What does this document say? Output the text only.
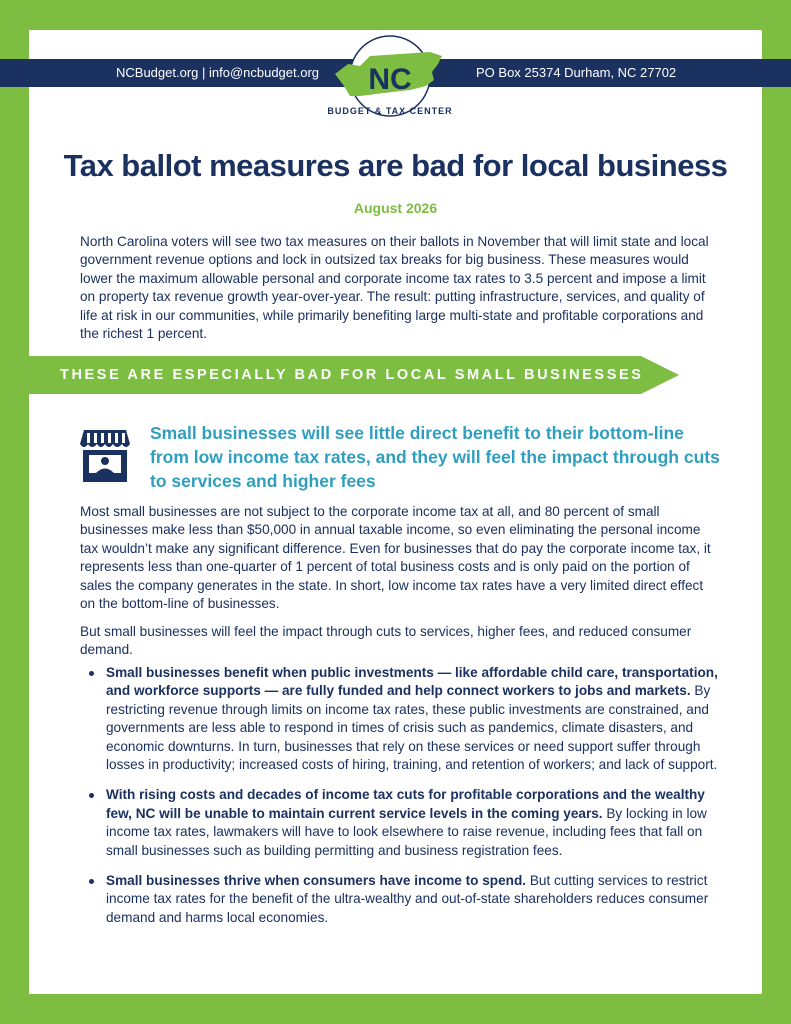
NCBudget.org | info@ncbudget.org	PO Box 25374 Durham, NC 27702
NC
BUDGET & TAX CENTER
Tax ballot measures are bad for local business
August 2026
North Carolina voters will see two tax measures on their ballots in November that will limit state and local government revenue options and lock in outsized tax breaks for big business. These measures would lower the maximum allowable personal and corporate income tax rates to 3.5 percent and impose a limit on property tax revenue growth year-over-year. The result: putting infrastructure, services, and quality of life at risk in our communities, while primarily benefiting large multi-state and profitable corporations and the richest 1 percent.
THESE ARE ESPECIALLY BAD FOR LOCAL SMALL BUSINESSES
Small businesses will see little direct benefit to their bottom-line from low income tax rates, and they will feel the impact through cuts to services and higher fees
Most small businesses are not subject to the corporate income tax at all, and 80 percent of small businesses make less than $50,000 in annual taxable income, so even eliminating the personal income tax wouldn’t make any significant difference. Even for businesses that do pay the corporate income tax, it represents less than one-quarter of 1 percent of total business costs and is only paid on the portion of sales the company generates in the state. In short, low income tax rates have a very limited direct effect on the bottom-line of businesses.
But small businesses will feel the impact through cuts to services, higher fees, and reduced consumer demand.
Small businesses benefit when public investments — like affordable child care, transportation, and workforce supports — are fully funded and help connect workers to jobs and markets. By restricting revenue through limits on income tax rates, these public investments are constrained, and governments are less able to respond in times of crisis such as pandemics, climate disasters, and economic downturns. In turn, businesses that rely on these services or need support suffer through losses in productivity; increased costs of hiring, training, and retention of workers; and lack of support.
With rising costs and decades of income tax cuts for profitable corporations and the wealthy few, NC will be unable to maintain current service levels in the coming years. By locking in low income tax rates, lawmakers will have to look elsewhere to raise revenue, including fees that fall on small businesses such as building permitting and business registration fees.
Small businesses thrive when consumers have income to spend. But cutting services to restrict income tax rates for the benefit of the ultra-wealthy and out-of-state shareholders reduces consumer demand and harms local economies.
